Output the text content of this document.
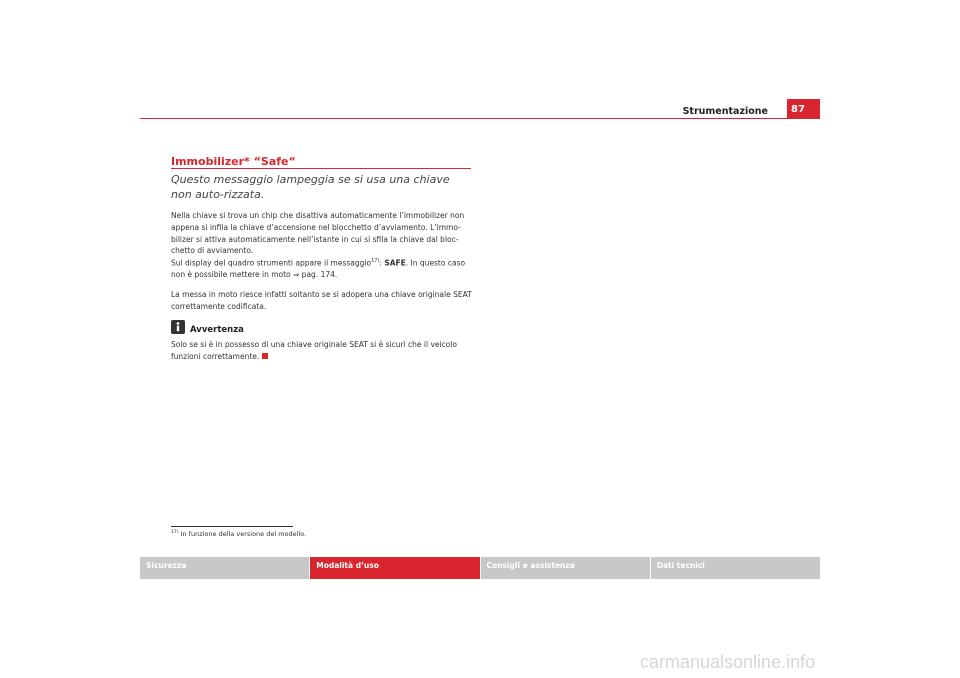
Strumentazione	87
Immobilizer* “Safe“
Questo messaggio lampeggia se si usa una chiave non auto-rizzata.
Nella chiave si trova un chip che disattiva automaticamente l’immobilizer non appena si infila la chiave d’accensione nel blocchetto d’avviamento. L’immo-bilizer si attiva automaticamente nell’istante in cui si sfila la chiave dal bloc-chetto di avviamento.
Sul display del quadro strumenti appare il messaggio$^{17)}$: SAFE. In questo caso non è possibile mettere in moto ⇒ pag. 174.
La messa in moto riesce infatti soltanto se si adopera una chiave originale SEAT correttamente codificata.
Avvertenza
Solo se si è in possesso di una chiave originale SEAT si è sicuri che il veicolo funzioni correttamente.
$^{17)}$ In funzione della versione del modello.
Sicurezza	Modalità d’uso	Consigli e assistenza	Dati tecnici
carmanualsonline.info
